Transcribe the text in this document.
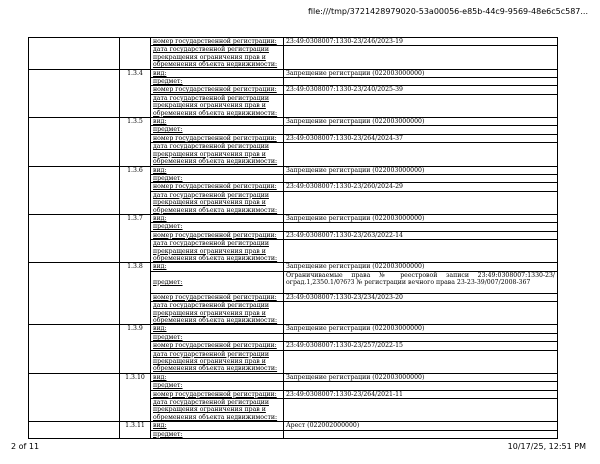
file:///tmp/3721428979020-53a00056-e85b-44c9-9569-48e6c5c587...
		номер государственной регистрации:	23:49:0308007:1330-23/246/2023-19
		дата государственной регистрации прекращения ограничения прав и обременения объекта недвижимости:	
	1.3.4	вид:	Запрещение регистрации (022003000000)
		предмет:	
		номер государственной регистрации:	23:49:0308007:1330-23/240/2025-39
		дата государственной регистрации прекращения ограничения прав и обременения объекта недвижимости:	
	1.3.5	вид:	Запрещение регистрации (022003000000)
		предмет:	
		номер государственной регистрации:	23:49:0308007:1330-23/264/2024-37
		дата государственной регистрации прекращения ограничения прав и обременения объекта недвижимости:	
	1.3.6	вид:	Запрещение регистрации (022003000000)
		предмет:	
		номер государственной регистрации:	23:49:0308007:1330-23/260/2024-29
		дата государственной регистрации прекращения ограничения прав и обременения объекта недвижимости:	
	1.3.7	вид:	Запрещение регистрации (022003000000)
		предмет:	
		номер государственной регистрации:	23:49:0308007:1330-23/263/2022-14
		дата государственной регистрации прекращения ограничения прав и обременения объекта недвижимости:	
	1.3.8	вид:	Запрещение регистрации (022003000000)
		предмет:	Ограничиваемые права № реестровой записи 23:49:0308007:1330-23/оград.1,2350.1/0?6?3 № регистрации вечного права 23-23-39/007/2008-367
		номер государственной регистрации:	23:49:0308007:1330-23/234/2023-20
		дата государственной регистрации прекращения ограничения прав и обременения объекта недвижимости:	
	1.3.9	вид:	Запрещение регистрации (022003000000)
		предмет:	
		номер государственной регистрации:	23:49:0308007:1330-23/257/2022-15
		дата государственной регистрации прекращения ограничения прав и обременения объекта недвижимости:	
	1.3.10	вид:	Запрещение регистрации (022003000000)
		предмет:	
		номер государственной регистрации:	23:49:0308007:1330-23/264/2021-11
		дата государственной регистрации прекращения ограничения прав и обременения объекта недвижимости:	
	1.3.11	вид:	Арест (022002000000)
		предмет:	
2 of 11	10/17/25, 12:51 PM
